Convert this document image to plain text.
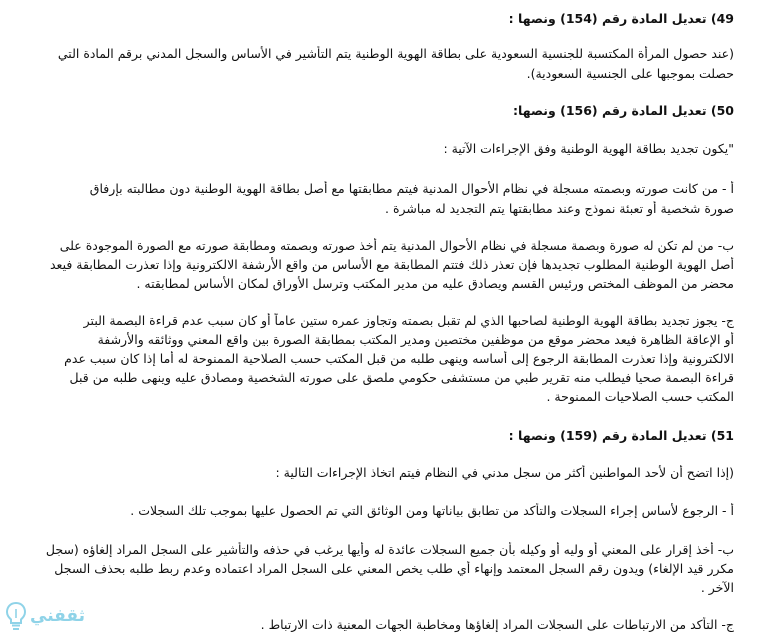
49) تعديل المادة رقم (154) ونصها :
(عند حصول المرأة المكتسبة للجنسية السعودية على بطاقة الهوية الوطنية يتم التأشير في الأساس والسجل المدني برقم المادة التي
حصلت بموجبها على الجنسية السعودية).
50) تعديل المادة رقم (156) ونصها:
"يكون تجديد بطاقة الهوية الوطنية وفق الإجراءات الآتية :
أ - من كانت صورته وبصمته مسجلة في نظام الأحوال المدنية فيتم مطابقتها مع أصل بطاقة الهوية الوطنية دون مطالبته بإرفاق
صورة شخصية أو تعبئة نموذج وعند مطابقتها يتم التجديد له مباشرة .
ب- من لم تكن له صورة وبصمة مسجلة في نظام الأحوال المدنية يتم أخذ صورته وبصمته ومطابقة صورته مع الصورة الموجودة على
أصل الهوية الوطنية المطلوب تجديدها فإن تعذر ذلك فتتم المطابقة مع الأساس من واقع الأرشفة الالكترونية وإذا تعذرت المطابقة فيعد
محضر من الموظف المختص ورئيس القسم ويصادق عليه من مدير المكتب وترسل الأوراق لمكان الأساس لمطابقته .
ج- يجوز تجديد بطاقة الهوية الوطنية لصاحبها الذي لم تقبل بصمته وتجاوز عمره ستين عاماً أو كان سبب عدم قراءة البصمة البتر
أو الإعاقة الظاهرة فيعد محضر موقع من موظفين مختصين ومدير المكتب بمطابقة الصورة بين واقع المعني ووثائقه والأرشفة
الالكترونية وإذا تعذرت المطابقة الرجوع إلى أساسه وينهى طلبه من قبل المكتب حسب الصلاحية الممنوحة له أما إذا كان سبب عدم
قراءة البصمة صحيا فيطلب منه تقرير طبي من مستشفى حكومي ملصق على صورته الشخصية ومصادق عليه وينهى طلبه من قبل
المكتب حسب الصلاحيات الممنوحة .
51) تعديل المادة رقم (159) ونصها :
(إذا اتضح أن لأحد المواطنين أكثر من سجل مدني في النظام فيتم اتخاذ الإجراءات التالية :
أ - الرجوع لأساس إجراء السجلات والتأكد من تطابق بياناتها ومن الوثائق التي تم الحصول عليها بموجب تلك السجلات .
ب- أخذ إقرار على المعني أو وليه أو وكيله بأن جميع السجلات عائدة له وأيها يرغب في حذفه والتأشير على السجل المراد إلغاؤه (سجل
مكرر قيد الإلغاء) ويدون رقم السجل المعتمد وإنهاء أي طلب يخص المعني على السجل المراد اعتماده وعدم ربط طلبه بحذف السجل
الآخر .
ج- التأكد من الارتباطات على السجلات المراد إلغاؤها ومخاطبة الجهات المعنية ذات الارتباط .
ثقفني
